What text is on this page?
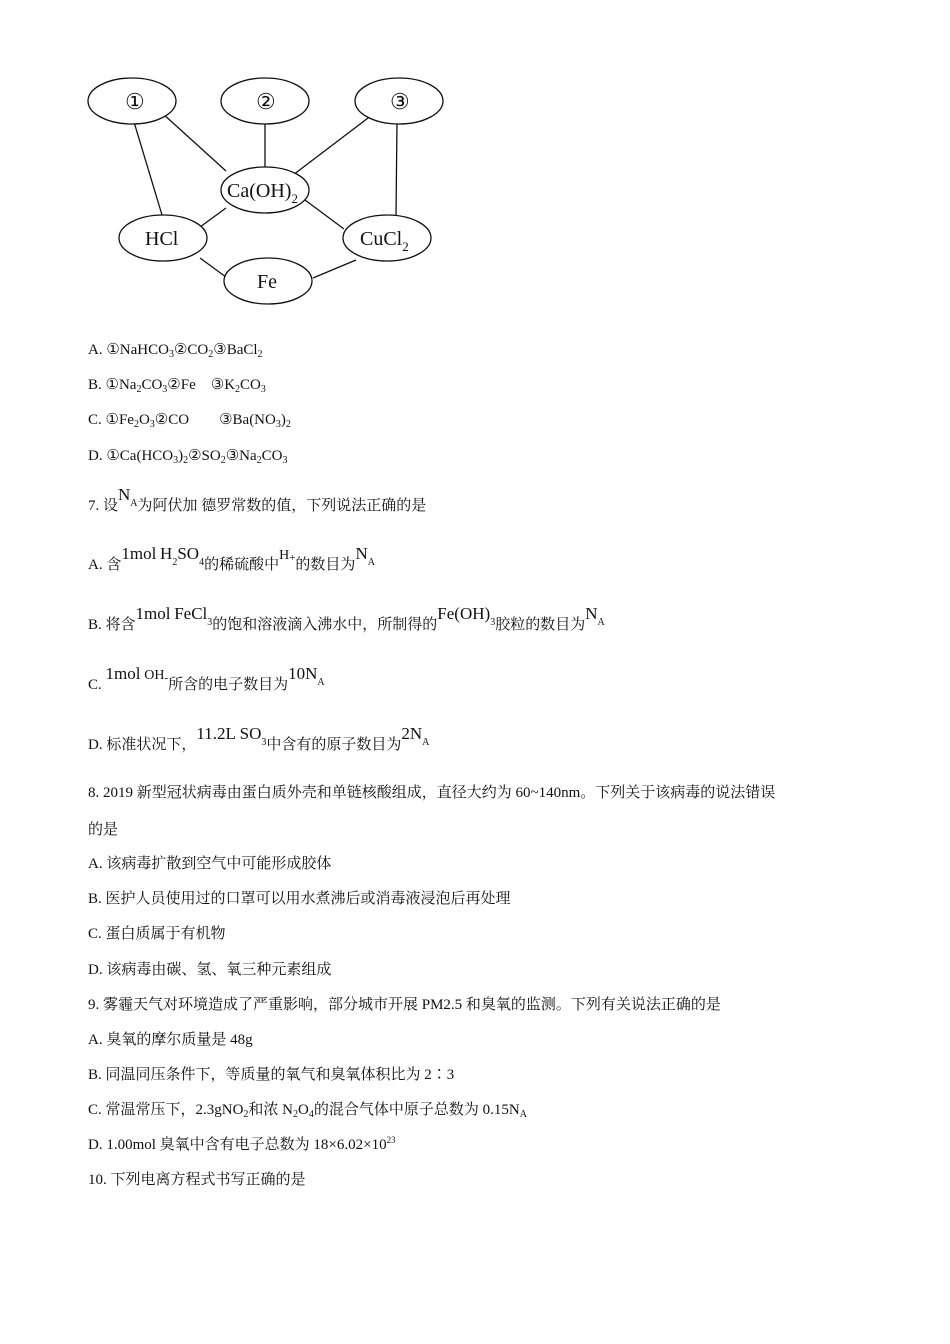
①	②	③
$Ca(OH)_2$
HCl	CuCl$_2$
Fe
A. $①NaHCO_3②CO_2③BaCl_2$
B. $①Na_2CO_3②Fe$    $③K_2CO_3$
C. $①Fe_2O_3②CO$        $③Ba(NO_3)_2$
D. $①Ca(HCO_3)_2②SO_2③Na_2CO_3$
7. 设$N^A$为阿伏加 德罗常数的值，下列说法正确的是
A. 含1mol $H^2SO^4$的稀硫酸中H+的数目为$N^A$
B. 将含1mol FeCl$^3$的饱和溶液滴入沸水中，所制得的Fe(OH)$^3$胶粒的数目为$N^A$
C. 1mol OH-所含的电子数目为$10N^A$
D. 标准状况下，11.2L $SO^3$中含有的原子数目为$2N^A$
8. 2019 新型冠状病毒由蛋白质外壳和单链核酸组成，直径大约为 60~140nm。下列关于该病毒的说法错误
的是
A. 该病毒扩散到空气中可能形成胶体
B. 医护人员使用过的口罩可以用水煮沸后或消毒液浸泡后再处理
C. 蛋白质属于有机物
D. 该病毒由碳、氢、氧三种元素组成
9. 雾霾天气对环境造成了严重影响，部分城市开展 PM2.5 和臭氧的监测。下列有关说法正确的是
A. 臭氧的摩尔质量是 48g
B. 同温同压条件下，等质量的氧气和臭氧体积比为 2∶3
C. 常温常压下，2.3gNO$_2$和浓 $N_2O_4$的混合气体中原子总数为 $0.15N_A$
D. 1.00mol 臭氧中含有电子总数为 $18\times 6.02\times 10^{23}$
10. 下列电离方程式书写正确的是
